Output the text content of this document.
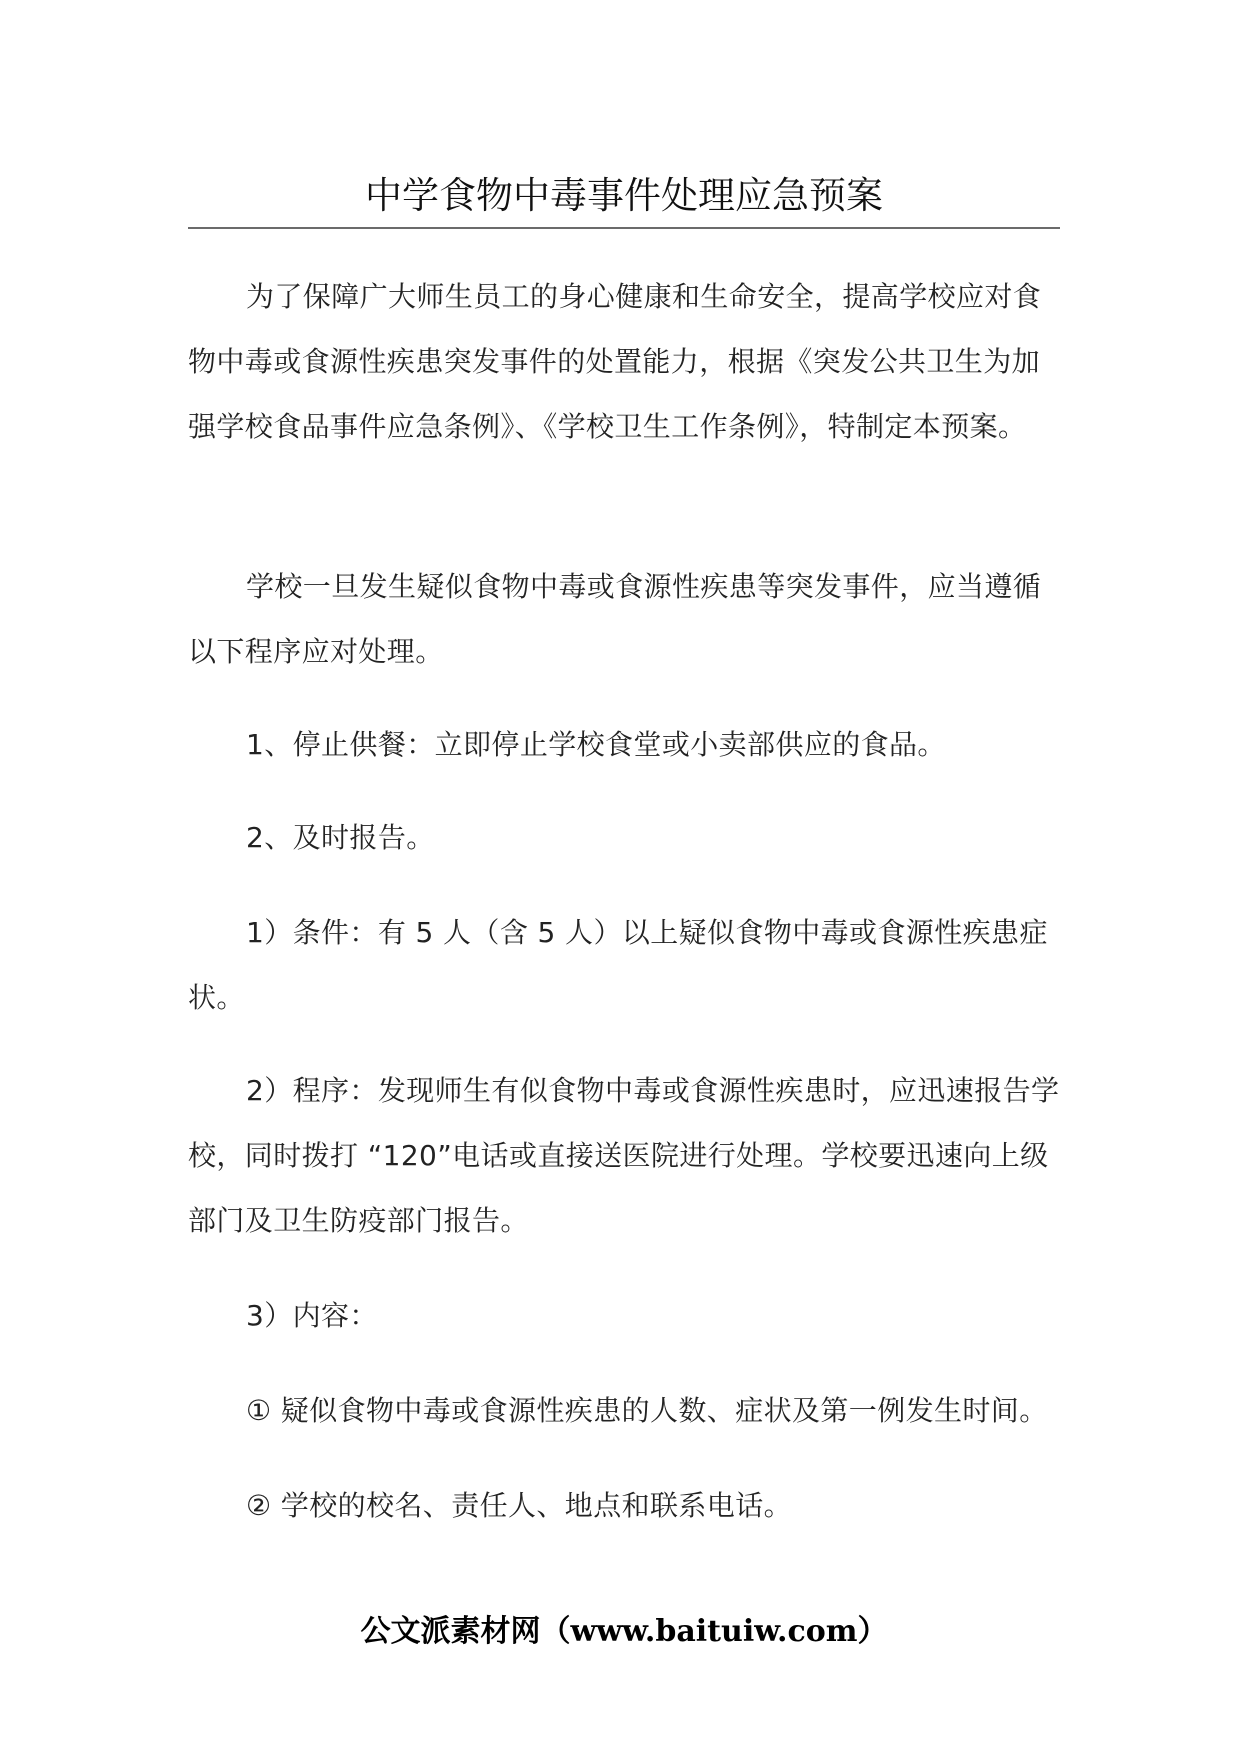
中学食物中毒事件处理应急预案

为了保障广大师生员工的身心健康和生命安全，提高学校应对食物中毒或食源性疾患突发事件的处置能力，根据《突发公共卫生为加强学校食品事件应急条例》、《学校卫生工作条例》，特制定本预案。

学校一旦发生疑似食物中毒或食源性疾患等突发事件，应当遵循以下程序应对处理。

1、停止供餐：立即停止学校食堂或小卖部供应的食品。

2、及时报告。

1）条件：有 5 人（含 5 人）以上疑似食物中毒或食源性疾患症状。

2）程序：发现师生有似食物中毒或食源性疾患时，应迅速报告学校，同时拨打 “120”电话或直接送医院进行处理。学校要迅速向上级部门及卫生防疫部门报告。

3）内容：

① 疑似食物中毒或食源性疾患的人数、症状及第一例发生时间。

② 学校的校名、责任人、地点和联系电话。

公文派素材网（www.baituiw.com）
